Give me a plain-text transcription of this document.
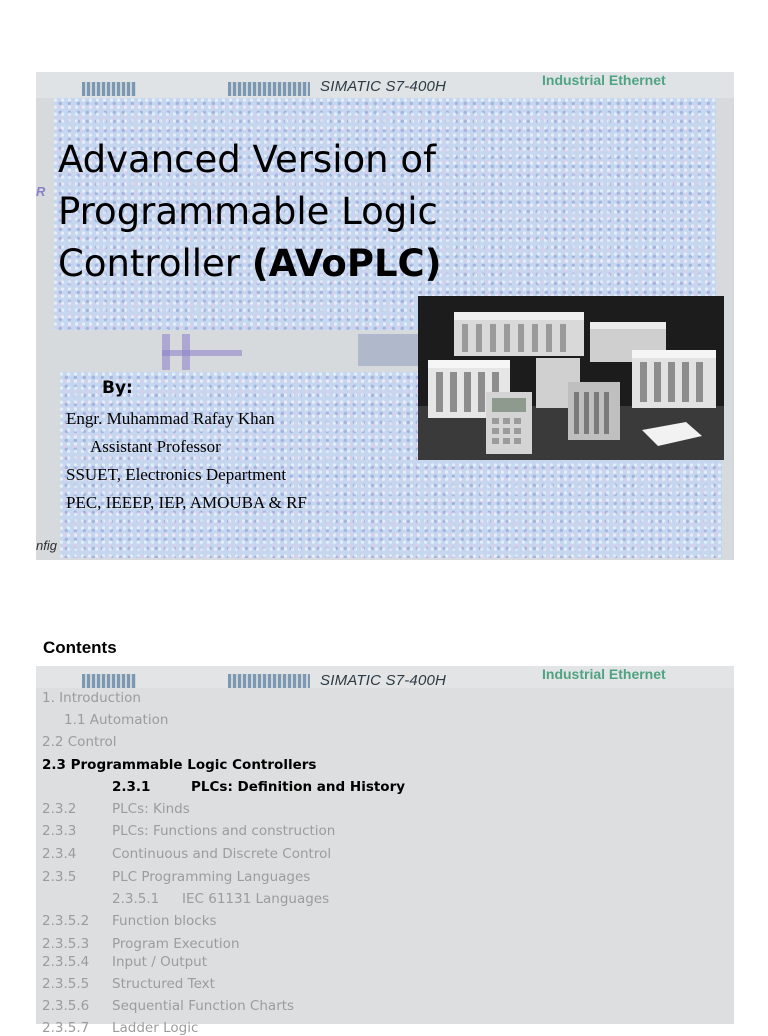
SIMATIC S7-400H	Industrial Ethernet
R
nfig
Advanced Version of
Programmable Logic
Controller (AVoPLC)
By:
Engr. Muhammad Rafay Khan
Assistant Professor
SSUET, Electronics Department
PEC, IEEEP, IEP, AMOUBA & RF
Contents
SIMATIC S7-400H	Industrial Ethernet
1. Introduction
1.1 Automation
2.2 Control
2.3 Programmable Logic Controllers
2.3.1	PLCs: Definition and History
2.3.2	PLCs: Kinds
2.3.3	PLCs: Functions and construction
2.3.4	Continuous and Discrete Control
2.3.5	PLC Programming Languages
2.3.5.1 IEC 61131 Languages
2.3.5.2 Function blocks
2.3.5.3 Program Execution
2.3.5.4 Input / Output
2.3.5.5 Structured Text
2.3.5.6 Sequential Function Charts
2.3.5.7 Ladder Logic
